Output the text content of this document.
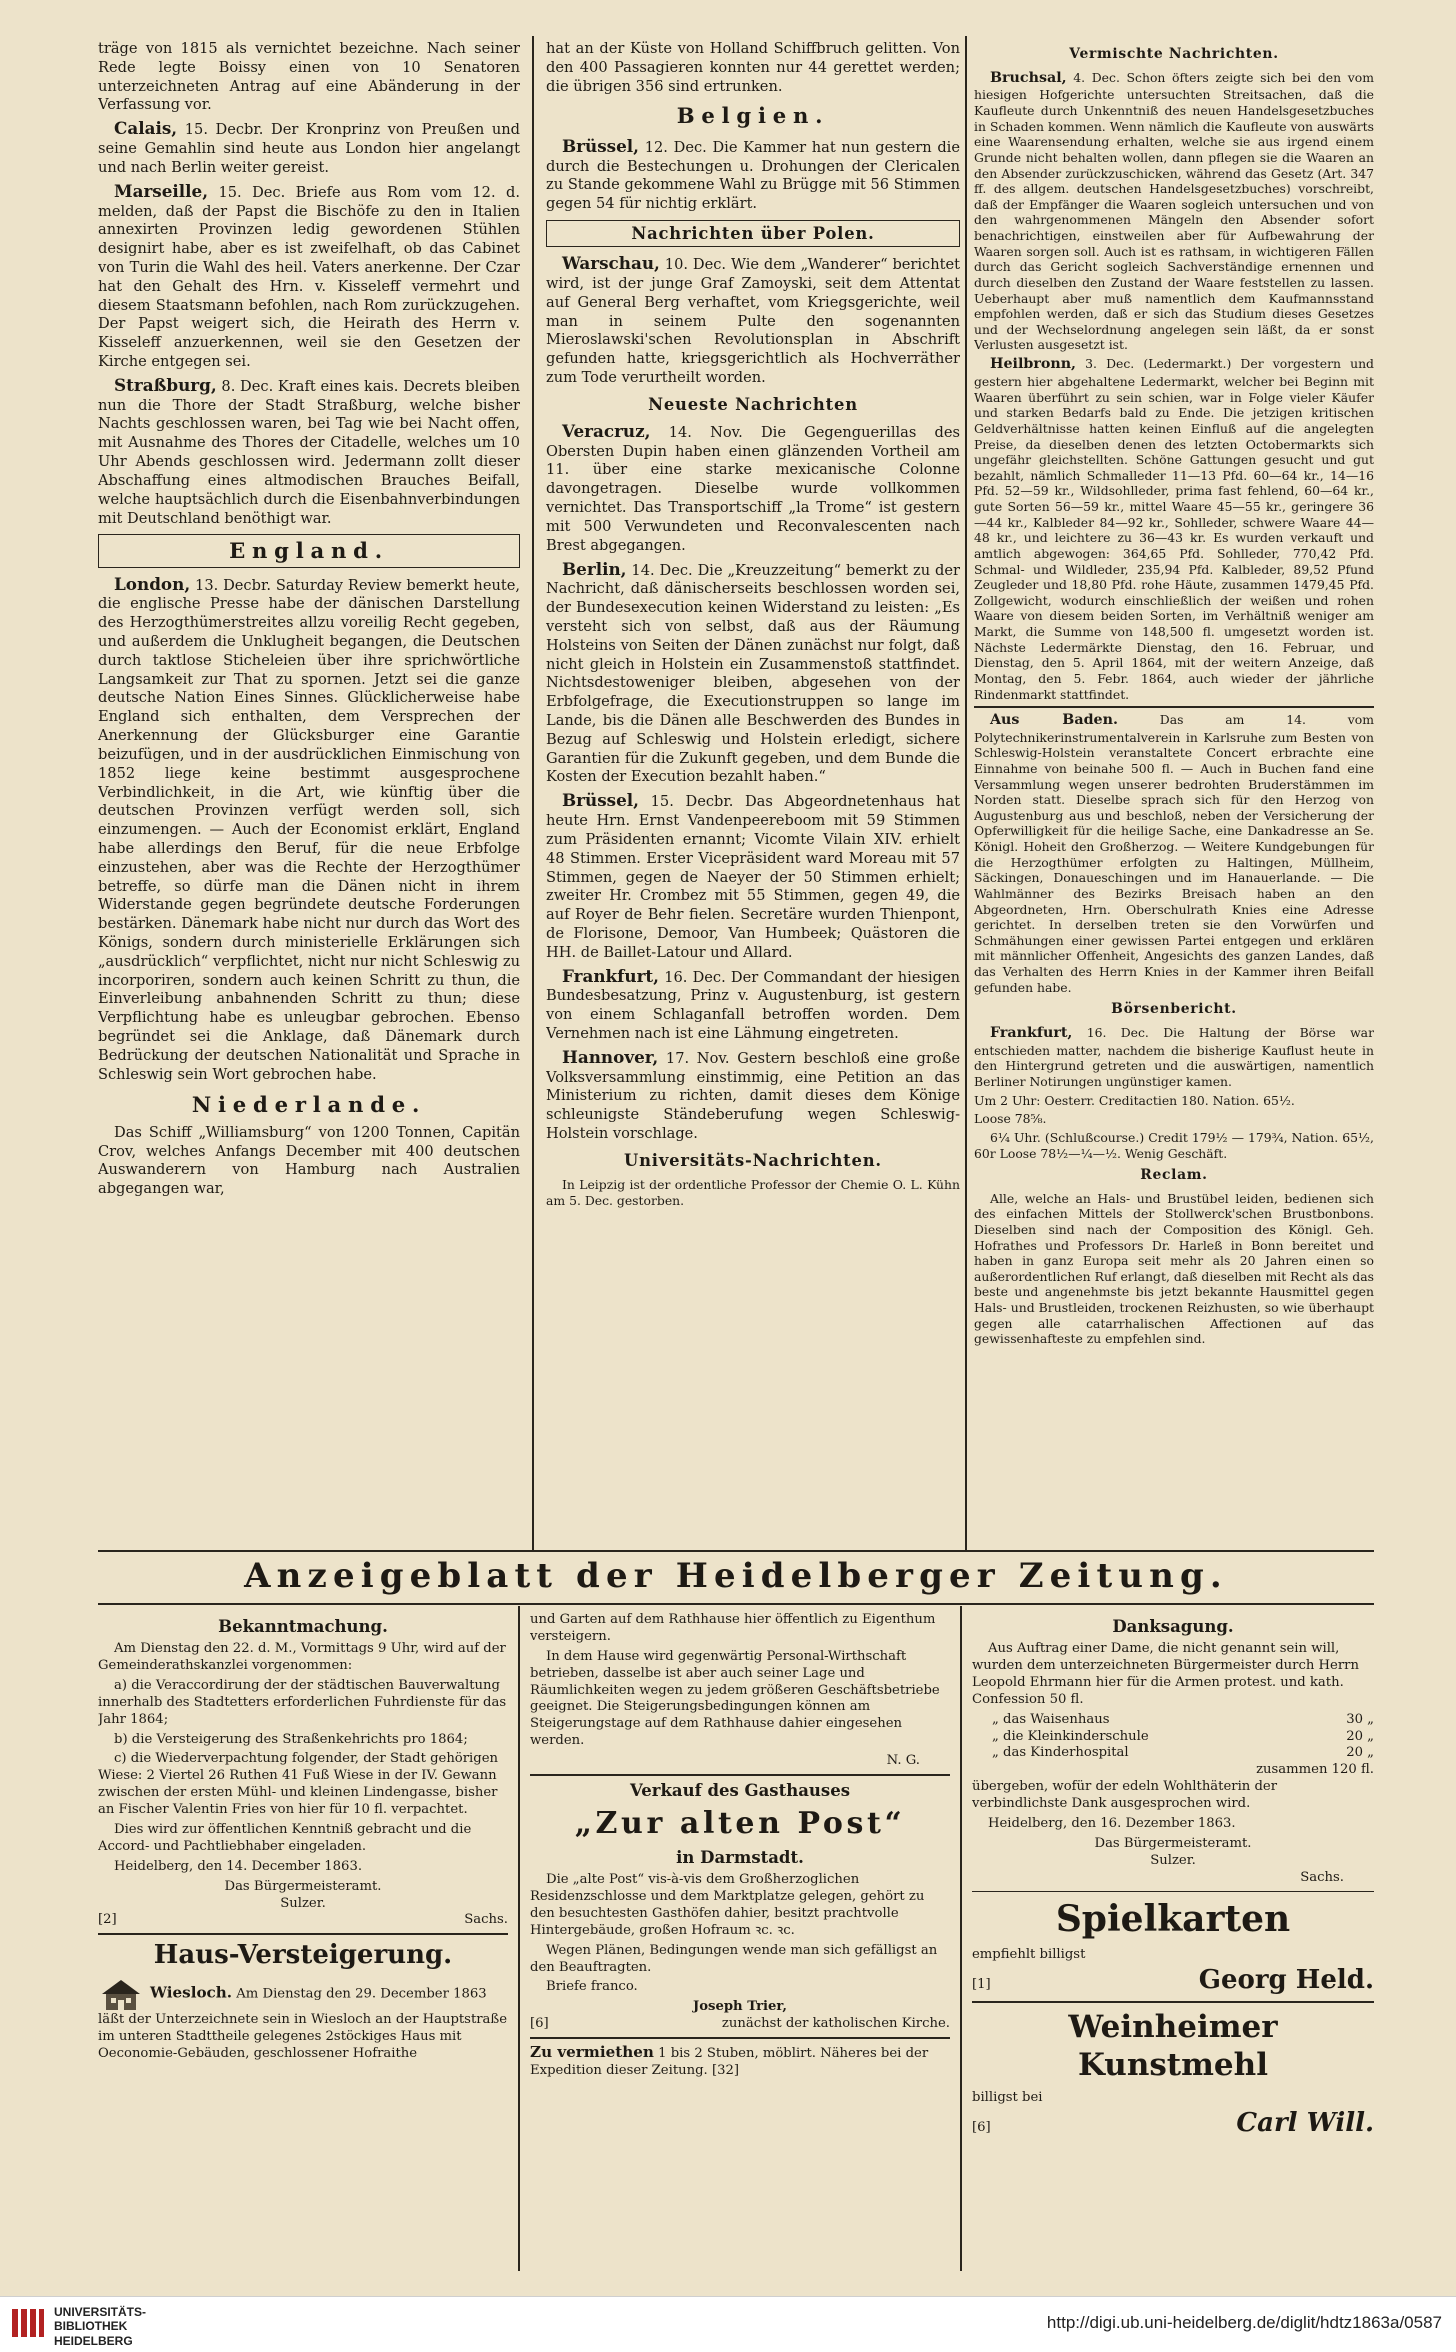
träge von 1815 als vernichtet bezeichne. Nach seiner Rede legte Boissy einen von 10 Senatoren unterzeichneten Antrag auf eine Abänderung in der Verfassung vor.

Calais, 15. Decbr. Der Kronprinz von Preußen und seine Gemahlin sind heute aus London hier angelangt und nach Berlin weiter gereist.

Marseille, 15. Dec. Briefe aus Rom vom 12. d. melden, daß der Papst die Bischöfe zu den in Italien annexirten Provinzen ledig gewordenen Stühlen designirt habe, aber es ist zweifelhaft, ob das Cabinet von Turin die Wahl des heil. Vaters anerkenne. Der Czar hat den Gehalt des Hrn. v. Kisseleff vermehrt und diesem Staatsmann befohlen, nach Rom zurückzugehen. Der Papst weigert sich, die Heirath des Herrn v. Kisseleff anzuerkennen, weil sie den Gesetzen der Kirche entgegen sei.

Straßburg, 8. Dec. Kraft eines kais. Decrets bleiben nun die Thore der Stadt Straßburg, welche bisher Nachts geschlossen waren, bei Tag wie bei Nacht offen, mit Ausnahme des Thores der Citadelle, welches um 10 Uhr Abends geschlossen wird. Jedermann zollt dieser Abschaffung eines altmodischen Brauches Beifall, welche hauptsächlich durch die Eisenbahnverbindungen mit Deutschland benöthigt war.

England.

London, 13. Decbr. Saturday Review bemerkt heute, die englische Presse habe der dänischen Darstellung des Herzogthümerstreites allzu voreilig Recht gegeben, und außerdem die Unklugheit begangen, die Deutschen durch taktlose Sticheleien über ihre sprichwörtliche Langsamkeit zur That zu spornen. Jetzt sei die ganze deutsche Nation Eines Sinnes. Glücklicherweise habe England sich enthalten, dem Versprechen der Anerkennung der Glücksburger eine Garantie beizufügen, und in der ausdrücklichen Einmischung von 1852 liege keine bestimmt ausgesprochene Verbindlichkeit, in die Art, wie künftig über die deutschen Provinzen verfügt werden soll, sich einzumengen. — Auch der Economist erklärt, England habe allerdings den Beruf, für die neue Erbfolge einzustehen, aber was die Rechte der Herzogthümer betreffe, so dürfe man die Dänen nicht in ihrem Widerstande gegen begründete deutsche Forderungen bestärken. Dänemark habe nicht nur durch das Wort des Königs, sondern durch ministerielle Erklärungen sich „ausdrücklich“ verpflichtet, nicht nur nicht Schleswig zu incorporiren, sondern auch keinen Schritt zu thun, die Einverleibung anbahnenden Schritt zu thun; diese Verpflichtung habe es unleugbar gebrochen. Ebenso begründet sei die Anklage, daß Dänemark durch Bedrückung der deutschen Nationalität und Sprache in Schleswig sein Wort gebrochen habe.

Niederlande.

Das Schiff „Williamsburg“ von 1200 Tonnen, Capitän Crov, welches Anfangs December mit 400 deutschen Auswanderern von Hamburg nach Australien abgegangen war,

hat an der Küste von Holland Schiffbruch gelitten. Von den 400 Passagieren konnten nur 44 gerettet werden; die übrigen 356 sind ertrunken.

Belgien.

Brüssel, 12. Dec. Die Kammer hat nun gestern die durch die Bestechungen u. Drohungen der Clericalen zu Stande gekommene Wahl zu Brügge mit 56 Stimmen gegen 54 für nichtig erklärt.

Nachrichten über Polen.

Warschau, 10. Dec. Wie dem „Wanderer“ berichtet wird, ist der junge Graf Zamoyski, seit dem Attentat auf General Berg verhaftet, vom Kriegsgerichte, weil man in seinem Pulte den sogenannten Mieroslawski'schen Revolutionsplan in Abschrift gefunden hatte, kriegsgerichtlich als Hochverräther zum Tode verurtheilt worden.

Neueste Nachrichten

Veracruz, 14. Nov. Die Gegenguerillas des Obersten Dupin haben einen glänzenden Vortheil am 11. über eine starke mexicanische Colonne davongetragen. Dieselbe wurde vollkommen vernichtet. Das Transportschiff „la Trome“ ist gestern mit 500 Verwundeten und Reconvalescenten nach Brest abgegangen.

Berlin, 14. Dec. Die „Kreuzzeitung“ bemerkt zu der Nachricht, daß dänischerseits beschlossen worden sei, der Bundesexecution keinen Widerstand zu leisten: „Es versteht sich von selbst, daß aus der Räumung Holsteins von Seiten der Dänen zunächst nur folgt, daß nicht gleich in Holstein ein Zusammenstoß stattfindet. Nichtsdestoweniger bleiben, abgesehen von der Erbfolgefrage, die Executionstruppen so lange im Lande, bis die Dänen alle Beschwerden des Bundes in Bezug auf Schleswig und Holstein erledigt, sichere Garantien für die Zukunft gegeben, und dem Bunde die Kosten der Execution bezahlt haben.“

Brüssel, 15. Decbr. Das Abgeordnetenhaus hat heute Hrn. Ernst Vandenpeereboom mit 59 Stimmen zum Präsidenten ernannt; Vicomte Vilain XIV. erhielt 48 Stimmen. Erster Vicepräsident ward Moreau mit 57 Stimmen, gegen de Naeyer der 50 Stimmen erhielt; zweiter Hr. Crombez mit 55 Stimmen, gegen 49, die auf Royer de Behr fielen. Secretäre wurden Thienpont, de Florisone, Demoor, Van Humbeek; Quästoren die HH. de Baillet-Latour und Allard.

Frankfurt, 16. Dec. Der Commandant der hiesigen Bundesbesatzung, Prinz v. Augustenburg, ist gestern von einem Schlaganfall betroffen worden. Dem Vernehmen nach ist eine Lähmung eingetreten.

Hannover, 17. Nov. Gestern beschloß eine große Volksversammlung einstimmig, eine Petition an das Ministerium zu richten, damit dieses dem Könige schleunigste Ständeberufung wegen Schleswig-Holstein vorschlage.

Universitäts-Nachrichten.

In Leipzig ist der ordentliche Professor der Chemie O. L. Kühn am 5. Dec. gestorben.

Vermischte Nachrichten.

Bruchsal, 4. Dec. Schon öfters zeigte sich bei den vom hiesigen Hofgerichte untersuchten Streitsachen, daß die Kaufleute durch Unkenntniß des neuen Handelsgesetzbuches in Schaden kommen. Wenn nämlich die Kaufleute von auswärts eine Waarensendung erhalten, welche sie aus irgend einem Grunde nicht behalten wollen, dann pflegen sie die Waaren an den Absender zurückzuschicken, während das Gesetz (Art. 347 ff. des allgem. deutschen Handelsgesetzbuches) vorschreibt, daß der Empfänger die Waaren sogleich untersuchen und von den wahrgenommenen Mängeln den Absender sofort benachrichtigen, einstweilen aber für Aufbewahrung der Waaren sorgen soll. Auch ist es rathsam, in wichtigeren Fällen durch das Gericht sogleich Sachverständige ernennen und durch dieselben den Zustand der Waare feststellen zu lassen. Ueberhaupt aber muß namentlich dem Kaufmannsstand empfohlen werden, daß er sich das Studium dieses Gesetzes und der Wechselordnung angelegen sein läßt, da er sonst Verlusten ausgesetzt ist.

Heilbronn, 3. Dec. (Ledermarkt.) Der vorgestern und gestern hier abgehaltene Ledermarkt, welcher bei Beginn mit Waaren überführt zu sein schien, war in Folge vieler Käufer und starken Bedarfs bald zu Ende. Die jetzigen kritischen Geldverhältnisse hatten keinen Einfluß auf die angelegten Preise, da dieselben denen des letzten Octobermarkts sich ungefähr gleichstellten. Schöne Gattungen gesucht und gut bezahlt, nämlich Schmalleder 11—13 Pfd. 60—64 kr., 14—16 Pfd. 52—59 kr., Wildsohlleder, prima fast fehlend, 60—64 kr., gute Sorten 56—59 kr., mittel Waare 45—55 kr., geringere 36—44 kr., Kalbleder 84—92 kr., Sohlleder, schwere Waare 44—48 kr., und leichtere zu 36—43 kr. Es wurden verkauft und amtlich abgewogen: 364,65 Pfd. Sohlleder, 770,42 Pfd. Schmal- und Wildleder, 235,94 Pfd. Kalbleder, 89,52 Pfund Zeugleder und 18,80 Pfd. rohe Häute, zusammen 1479,45 Pfd. Zollgewicht, wodurch einschließlich der weißen und rohen Waare von diesem beiden Sorten, im Verhältniß weniger am Markt, die Summe von 148,500 fl. umgesetzt worden ist. Nächste Ledermärkte Dienstag, den 16. Februar, und Dienstag, den 5. April 1864, mit der weitern Anzeige, daß Montag, den 5. Febr. 1864, auch wieder der jährliche Rindenmarkt stattfindet.

Aus Baden. Das am 14. vom Polytechnikerinstrumentalverein in Karlsruhe zum Besten von Schleswig-Holstein veranstaltete Concert erbrachte eine Einnahme von beinahe 500 fl. — Auch in Buchen fand eine Versammlung wegen unserer bedrohten Bruderstämmen im Norden statt. Dieselbe sprach sich für den Herzog von Augustenburg aus und beschloß, neben der Versicherung der Opferwilligkeit für die heilige Sache, eine Dankadresse an Se. Königl. Hoheit den Großherzog. — Weitere Kundgebungen für die Herzogthümer erfolgten zu Haltingen, Müllheim, Säckingen, Donaueschingen und im Hanauerlande. — Die Wahlmänner des Bezirks Breisach haben an den Abgeordneten, Hrn. Oberschulrath Knies eine Adresse gerichtet. In derselben treten sie den Vorwürfen und Schmähungen einer gewissen Partei entgegen und erklären mit männlicher Offenheit, Angesichts des ganzen Landes, daß das Verhalten des Herrn Knies in der Kammer ihren Beifall gefunden habe.

Börsenbericht.

Frankfurt, 16. Dec. Die Haltung der Börse war entschieden matter, nachdem die bisherige Kauflust heute in den Hintergrund getreten und die auswärtigen, namentlich Berliner Notirungen ungünstiger kamen.

Um 2 Uhr: Oesterr. Creditactien 180. Nation. 65½.

Loose 78⅝.

6¼ Uhr. (Schlußcourse.) Credit 179½ — 179¾, Nation. 65½, 60r Loose 78½—¼—½. Wenig Geschäft.

Reclam.

Alle, welche an Hals- und Brustübel leiden, bedienen sich des einfachen Mittels der Stollwerck'schen Brustbonbons. Dieselben sind nach der Composition des Königl. Geh. Hofrathes und Professors Dr. Harleß in Bonn bereitet und haben in ganz Europa seit mehr als 20 Jahren einen so außerordentlichen Ruf erlangt, daß dieselben mit Recht als das beste und angenehmste bis jetzt bekannte Hausmittel gegen Hals- und Brustleiden, trockenen Reizhusten, so wie überhaupt gegen alle catarrhalischen Affectionen auf das gewissenhafteste zu empfehlen sind.

Anzeigeblatt der Heidelberger Zeitung.
Bekanntmachung.

Am Dienstag den 22. d. M., Vormittags 9 Uhr, wird auf der Gemeinderathskanzlei vorgenommen:

a) die Veraccordirung der der städtischen Bauverwaltung innerhalb des Stadtetters erforderlichen Fuhrdienste für das Jahr 1864;

b) die Versteigerung des Straßenkehrichts pro 1864;

c) die Wiederverpachtung folgender, der Stadt gehörigen Wiese: 2 Viertel 26 Ruthen 41 Fuß Wiese in der IV. Gewann zwischen der ersten Mühl- und kleinen Lindengasse, bisher an Fischer Valentin Fries von hier für 10 fl. verpachtet.

Dies wird zur öffentlichen Kenntniß gebracht und die Accord- und Pachtliebhaber eingeladen.

Heidelberg, den 14. December 1863.

Das Bürgermeisteramt.
Sulzer.
[2]	Sachs.
Haus-Versteigerung.

Wiesloch. Am Dienstag den 29. December 1863 läßt der Unterzeichnete sein in Wiesloch an der Hauptstraße im unteren Stadttheile gelegenes 2stöckiges Haus mit Oeconomie-Gebäuden, geschlossener Hofraithe

und Garten auf dem Rathhause hier öffentlich zu Eigenthum versteigern.

In dem Hause wird gegenwärtig Personal-Wirthschaft betrieben, dasselbe ist aber auch seiner Lage und Räumlichkeiten wegen zu jedem größeren Geschäftsbetriebe geeignet. Die Steigerungsbedingungen können am Steigerungstage auf dem Rathhause dahier eingesehen werden.

N. G.
Verkauf des Gasthauses
„Zur alten Post“
in Darmstadt.

Die „alte Post“ vis-à-vis dem Großherzoglichen Residenzschlosse und dem Marktplatze gelegen, gehört zu den besuchtesten Gasthöfen dahier, besitzt prachtvolle Hintergebäude, großen Hofraum ꝛc. ꝛc.

Wegen Plänen, Bedingungen wende man sich gefälligst an den Beauftragten.

Briefe franco.

Joseph Trier,
[6]	zunächst der katholischen Kirche.

Zu vermiethen 1 bis 2 Stuben, möblirt. Näheres bei der Expedition dieser Zeitung. [32]

Danksagung.

Aus Auftrag einer Dame, die nicht genannt sein will, wurden dem unterzeichneten Bürgermeister durch Herrn Leopold Ehrmann hier für die Armen protest. und kath. Confession 50 fl.

„ das Waisenhaus	30 „
„ die Kleinkinderschule	20 „
„ das Kinderhospital	20 „
zusammen 120 fl.

übergeben, wofür der edeln Wohlthäterin der verbindlichste Dank ausgesprochen wird.

Heidelberg, den 16. Dezember 1863.

Das Bürgermeisteramt.
Sulzer.
Sachs.
Spielkarten
empfiehlt billigst
[1]	Georg Held.
Weinheimer Kunstmehl
billigst bei
[6]	Carl Will.
UNIVERSITÄTS-
BIBLIOTHEK
HEIDELBERG
http://digi.ub.uni-heidelberg.de/diglit/hdtz1863a/0587
